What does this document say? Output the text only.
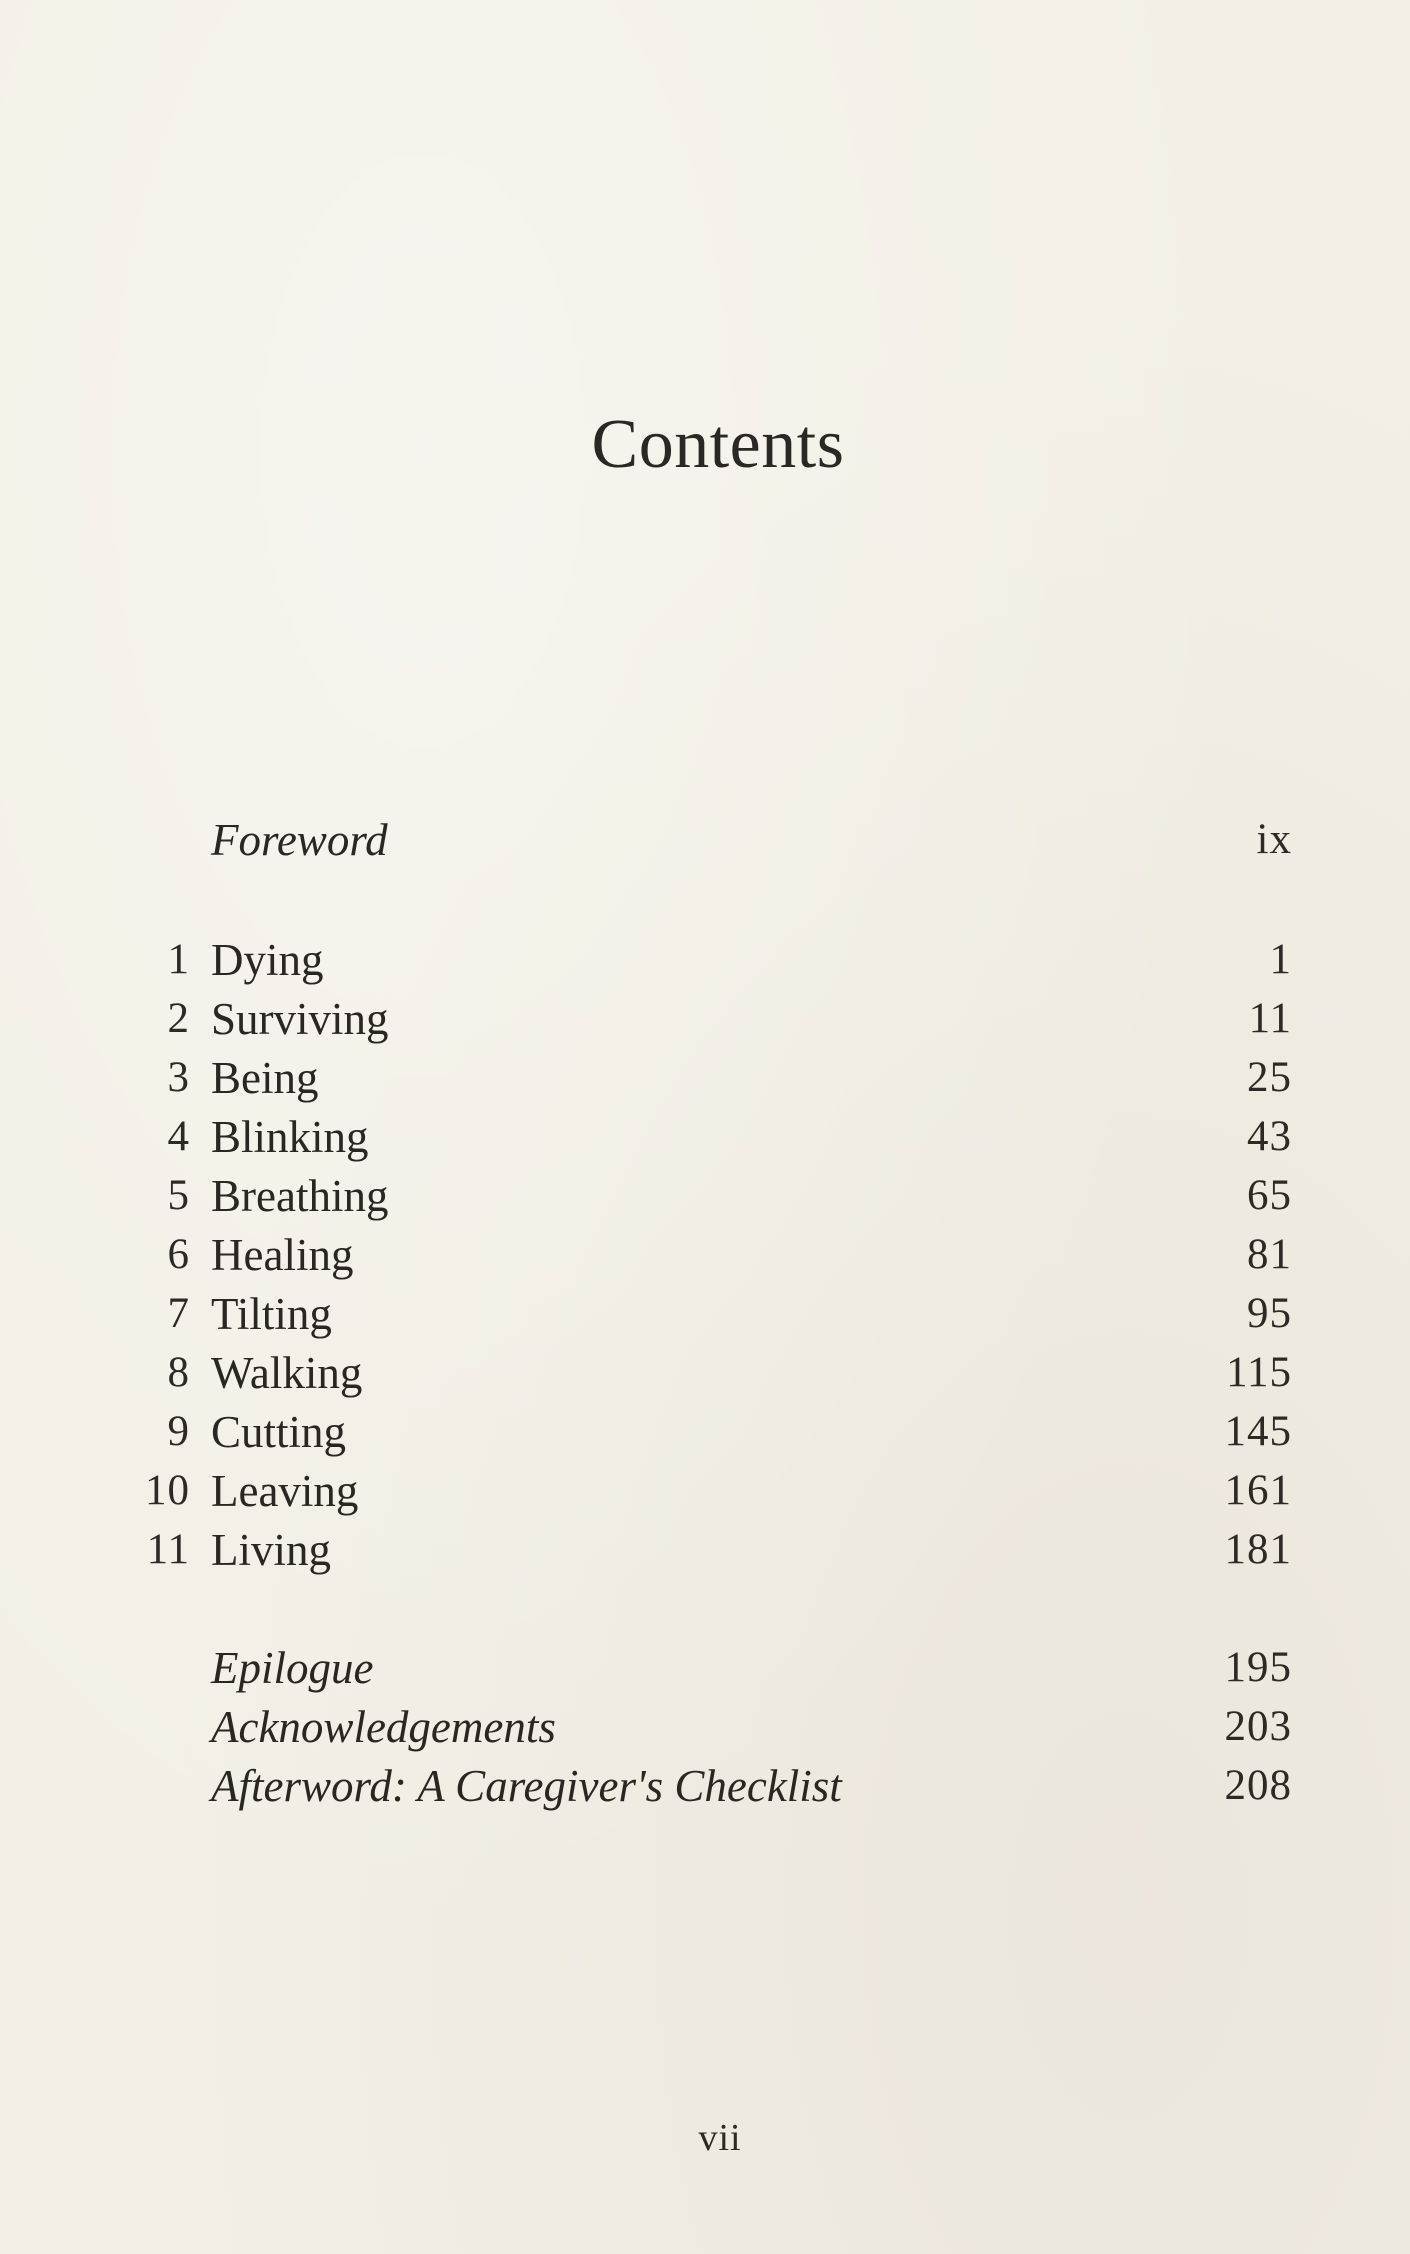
Contents
Foreword	ix
1 Dying	1
2 Surviving	11
3 Being	25
4 Blinking	43
5 Breathing	65
6 Healing	81
7 Tilting	95
8 Walking	115
9 Cutting	145
10 Leaving	161
11 Living	181
Epilogue	195
Acknowledgements	203
Afterword: A Caregiver's Checklist	208
vii
